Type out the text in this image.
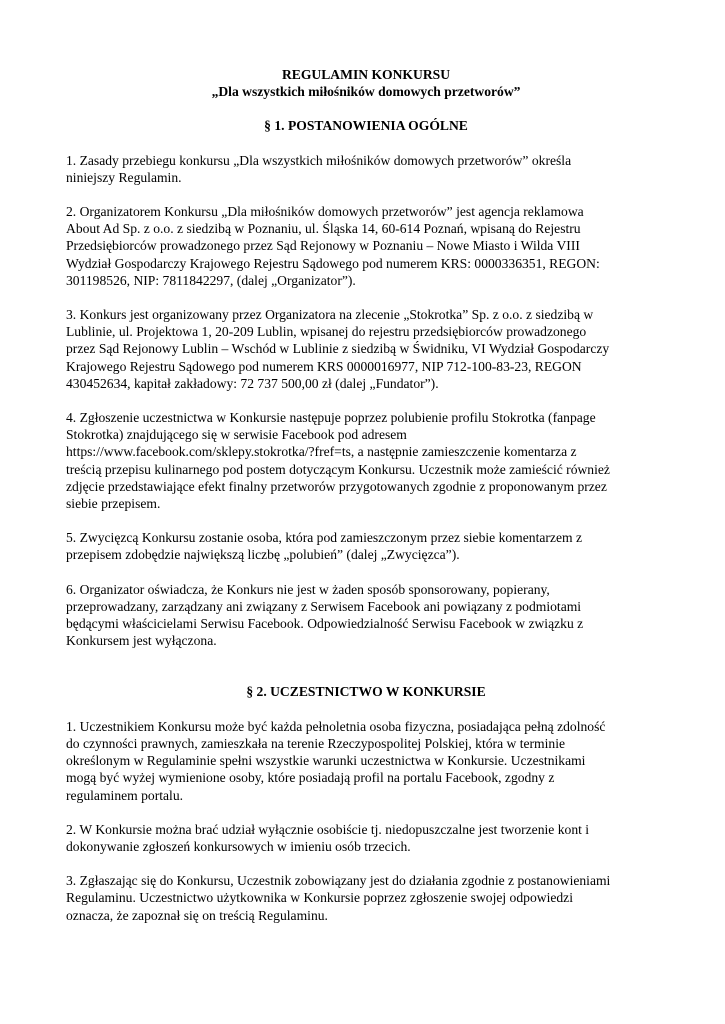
REGULAMIN KONKURSU

„Dla wszystkich miłośników domowych przetworów”

§ 1. POSTANOWIENIA OGÓLNE

1. Zasady przebiegu konkursu „Dla wszystkich miłośników domowych przetworów” określa
niniejszy Regulamin.

2. Organizatorem Konkursu „Dla miłośników domowych przetworów” jest agencja reklamowa
About Ad Sp. z o.o. z siedzibą w Poznaniu, ul. Śląska 14, 60-614 Poznań, wpisaną do Rejestru
Przedsiębiorców prowadzonego przez Sąd Rejonowy w Poznaniu – Nowe Miasto i Wilda VIII
Wydział Gospodarczy Krajowego Rejestru Sądowego pod numerem KRS: 0000336351, REGON:
301198526, NIP: 7811842297, (dalej „Organizator”).

3. Konkurs jest organizowany przez Organizatora na zlecenie „Stokrotka” Sp. z o.o. z siedzibą w
Lublinie, ul. Projektowa 1, 20-209 Lublin, wpisanej do rejestru przedsiębiorców prowadzonego
przez Sąd Rejonowy Lublin – Wschód w Lublinie z siedzibą w Świdniku, VI Wydział Gospodarczy
Krajowego Rejestru Sądowego pod numerem KRS 0000016977, NIP 712-100-83-23, REGON
430452634, kapitał zakładowy: 72 737 500,00 zł (dalej „Fundator”).

4. Zgłoszenie uczestnictwa w Konkursie następuje poprzez polubienie profilu Stokrotka (fanpage
Stokrotka) znajdującego się w serwisie Facebook pod adresem
https://www.facebook.com/sklepy.stokrotka/?fref=ts, a następnie zamieszczenie komentarza z
treścią przepisu kulinarnego pod postem dotyczącym Konkursu. Uczestnik może zamieścić również
zdjęcie przedstawiające efekt finalny przetworów przygotowanych zgodnie z proponowanym przez
siebie przepisem.

5. Zwycięzcą Konkursu zostanie osoba, która pod zamieszczonym przez siebie komentarzem z
przepisem zdobędzie największą liczbę „polubień” (dalej „Zwycięzca”).

6. Organizator oświadcza, że Konkurs nie jest w żaden sposób sponsorowany, popierany,
przeprowadzany, zarządzany ani związany z Serwisem Facebook ani powiązany z podmiotami
będącymi właścicielami Serwisu Facebook. Odpowiedzialność Serwisu Facebook w związku z
Konkursem jest wyłączona.

§ 2. UCZESTNICTWO W KONKURSIE

1. Uczestnikiem Konkursu może być każda pełnoletnia osoba fizyczna, posiadająca pełną zdolność
do czynności prawnych, zamieszkała na terenie Rzeczypospolitej Polskiej, która w terminie
określonym w Regulaminie spełni wszystkie warunki uczestnictwa w Konkursie. Uczestnikami
mogą być wyżej wymienione osoby, które posiadają profil na portalu Facebook, zgodny z
regulaminem portalu.

2. W Konkursie można brać udział wyłącznie osobiście tj. niedopuszczalne jest tworzenie kont i
dokonywanie zgłoszeń konkursowych w imieniu osób trzecich.

3. Zgłaszając się do Konkursu, Uczestnik zobowiązany jest do działania zgodnie z postanowieniami
Regulaminu. Uczestnictwo użytkownika w Konkursie poprzez zgłoszenie swojej odpowiedzi
oznacza, że zapoznał się on treścią Regulaminu.
